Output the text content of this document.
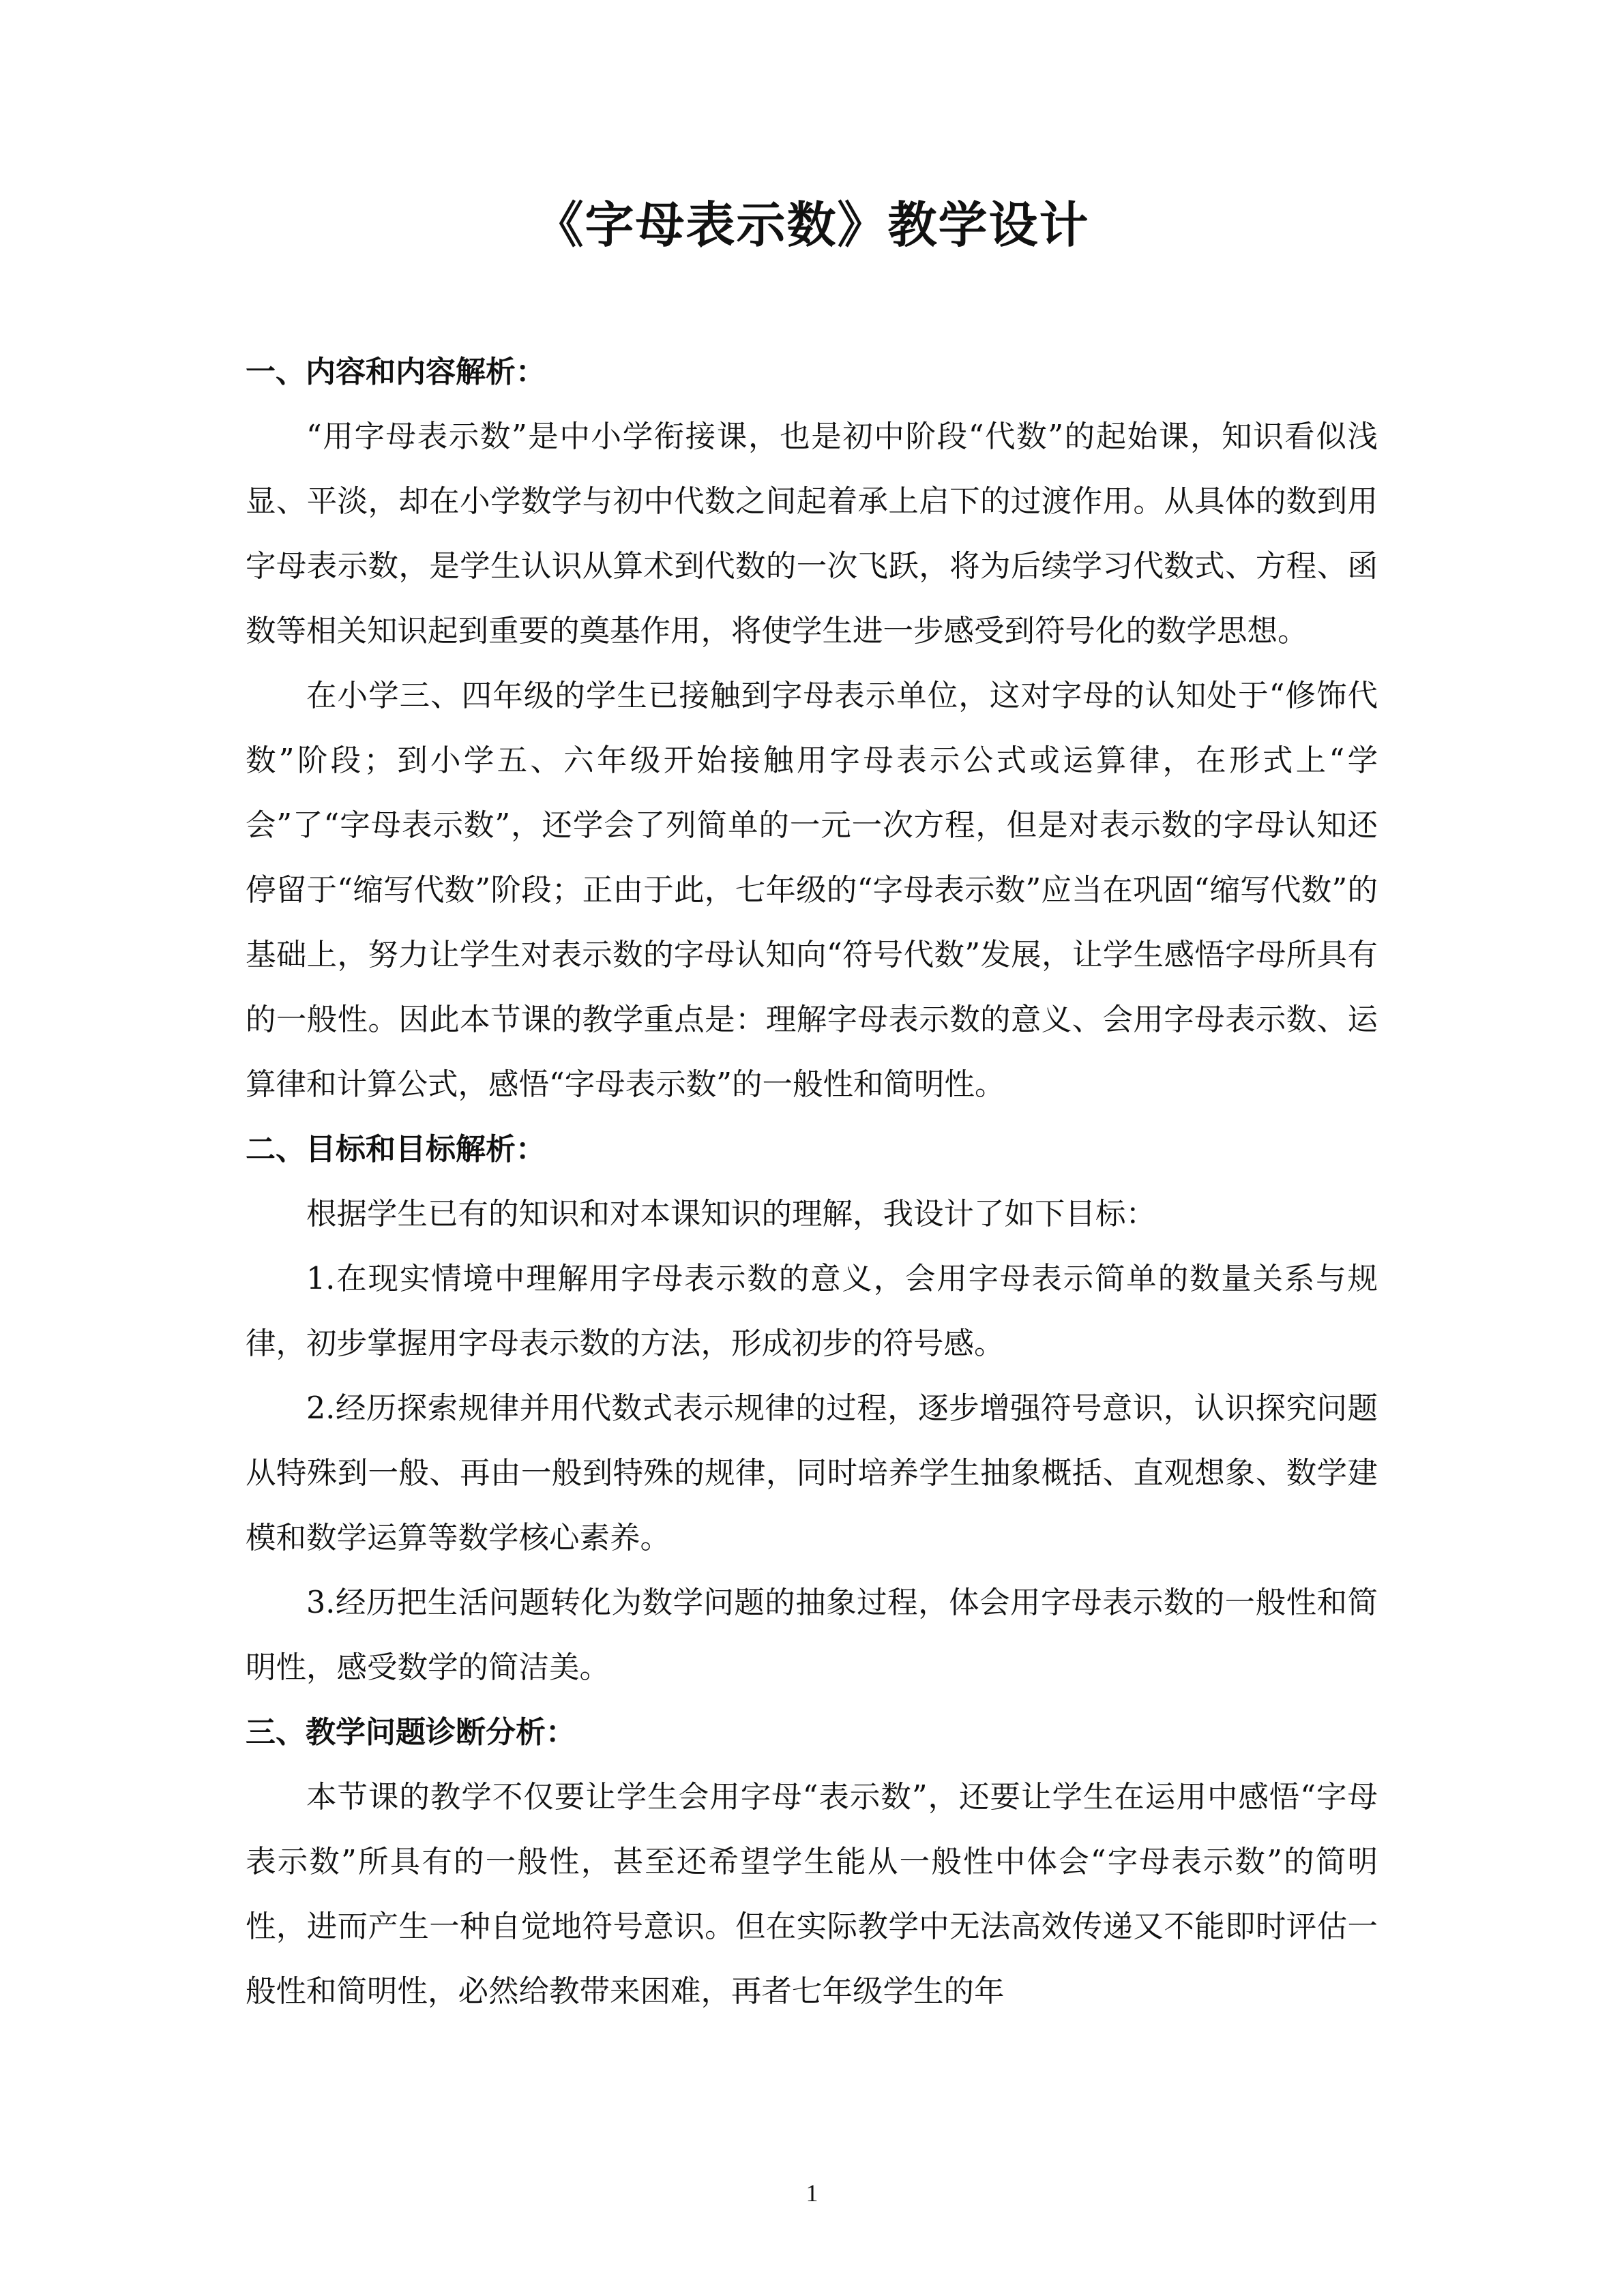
《字母表示数》教学设计
一、内容和内容解析：

“用字母表示数”是中小学衔接课，也是初中阶段“代数”的起始课，知识看似浅显、平淡，却在小学数学与初中代数之间起着承上启下的过渡作用。从具体的数到用字母表示数，是学生认识从算术到代数的一次飞跃，将为后续学习代数式、方程、函数等相关知识起到重要的奠基作用，将使学生进一步感受到符号化的数学思想。

在小学三、四年级的学生已接触到字母表示单位，这对字母的认知处于“修饰代数”阶段；到小学五、六年级开始接触用字母表示公式或运算律，在形式上“学会”了“字母表示数”，还学会了列简单的一元一次方程，但是对表示数的字母认知还停留于“缩写代数”阶段；正由于此，七年级的“字母表示数”应当在巩固“缩写代数”的基础上，努力让学生对表示数的字母认知向“符号代数”发展，让学生感悟字母所具有的一般性。因此本节课的教学重点是：理解字母表示数的意义、会用字母表示数、运算律和计算公式，感悟“字母表示数”的一般性和简明性。

二、目标和目标解析：

根据学生已有的知识和对本课知识的理解，我设计了如下目标：

1.在现实情境中理解用字母表示数的意义，会用字母表示简单的数量关系与规律，初步掌握用字母表示数的方法，形成初步的符号感。

2.经历探索规律并用代数式表示规律的过程，逐步增强符号意识，认识探究问题从特殊到一般、再由一般到特殊的规律，同时培养学生抽象概括、直观想象、数学建模和数学运算等数学核心素养。

3.经历把生活问题转化为数学问题的抽象过程，体会用字母表示数的一般性和简明性，感受数学的简洁美。

三、教学问题诊断分析：

本节课的教学不仅要让学生会用字母“表示数”，还要让学生在运用中感悟“字母表示数”所具有的一般性，甚至还希望学生能从一般性中体会“字母表示数”的简明性，进而产生一种自觉地符号意识。但在实际教学中无法高效传递又不能即时评估一般性和简明性，必然给教带来困难，再者七年级学生的年

1
